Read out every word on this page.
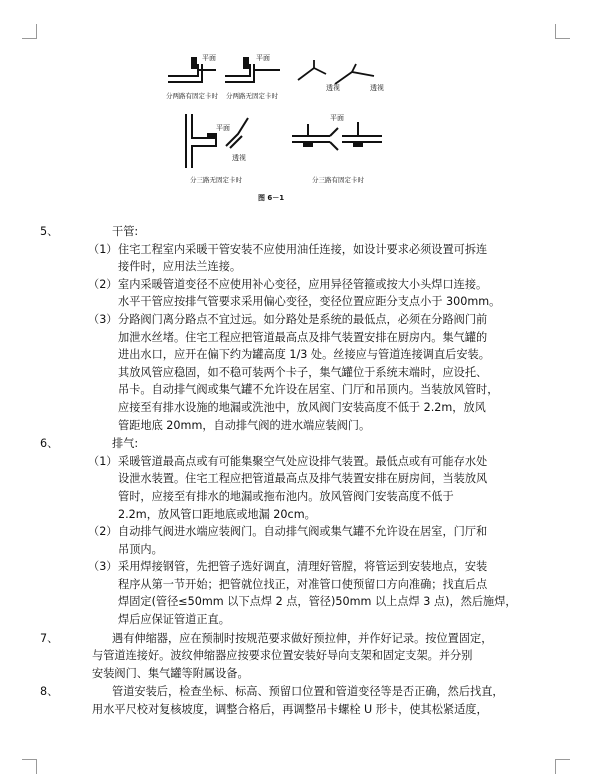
平面	平面
分两路有固定卡时 分两路无固定卡时
透视	透视
平面
透视
分三路无固定卡时
平面
分三路有固定卡时
图 6－1
5、	干管:
（1） 住宅工程室内采暖干管安装不应使用油任连接，如设计要求必须设置可拆连
接件时，应用法兰连接。
（2） 室内采暖管道变径不应使用补心变径，应用异径管箍或按大小头焊口连接。
水平干管应按排气管要求采用偏心变径，变径位置应距分支点小于 300mm。
（3） 分路阀门离分路点不宜过远。如分路处是系统的最低点，必须在分路阀门前
加泄水丝堵。住宅工程应把管道最高点及排气装置安排在厨房内。集气罐的
进出水口，应开在偏下约为罐高度 1/3 处。丝接应与管道连接调直后安装。
其放风管应稳固，如不稳可装两个卡子，集气罐位于系统末端时，应设托、
吊卡。自动排气阀或集气罐不允许设在居室、门厅和吊顶内。当装放风管时，
应接至有排水设施的地漏或洗池中，放风阀门安装高度不低于 2.2m，放风
管距地底 20mm，自动排气阀的进水端应装阀门。
6、	排气:
（1） 采暖管道最高点或有可能集聚空气处应设排气装置。最低点或有可能存水处
设泄水装置。住宅工程应把管道最高点及排气装置安排在厨房间，当装放风
管时，应接至有排水的地漏或拖布池内。放风管阀门安装高度不低于
2.2m，放风管口距地底或地漏 20cm。
（2） 自动排气阀进水端应装阀门。自动排气阀或集气罐不允许设在居室，门厅和
吊顶内。
（3） 采用焊接钢管，先把管子选好调直，清理好管膛，将管运到安装地点，安装
程序从第一节开始；把管就位找正，对准管口使预留口方向准确；找直后点
焊固定(管径≤50mm 以下点焊 2 点，管径)50mm 以上点焊 3 点)，然后施焊，
焊后应保证管道正直。
7、	遇有伸缩器，应在预制时按规范要求做好预拉伸，并作好记录。按位置固定，
与管道连接好。波纹伸缩器应按要求位置安装好导向支架和固定支架。并分别
安装阀门、集气罐等附属设备。
8、	管道安装后，检查坐标、标高、预留口位置和管道变径等是否正确，然后找直，
用水平尺校对复核坡度，调整合格后，再调整吊卡螺栓 U 形卡，使其松紧适度，
